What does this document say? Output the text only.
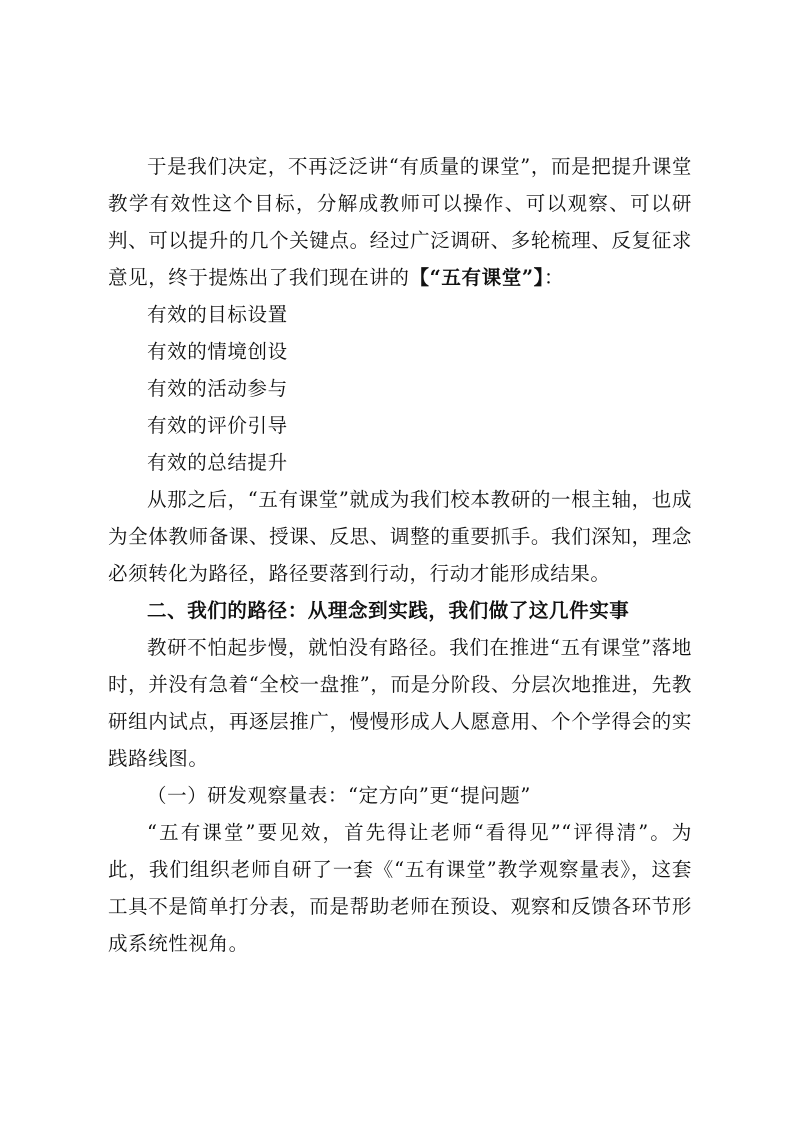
于是我们决定，不再泛泛讲“有质量的课堂”，而是把提升课堂教学有效性这个目标，分解成教师可以操作、可以观察、可以研判、可以提升的几个关键点。经过广泛调研、多轮梳理、反复征求意见，终于提炼出了我们现在讲的【“五有课堂”】：

有效的目标设置

有效的情境创设

有效的活动参与

有效的评价引导

有效的总结提升

从那之后，“五有课堂”就成为我们校本教研的一根主轴，也成为全体教师备课、授课、反思、调整的重要抓手。我们深知，理念必须转化为路径，路径要落到行动，行动才能形成结果。

二、我们的路径：从理念到实践，我们做了这几件实事

教研不怕起步慢，就怕没有路径。我们在推进“五有课堂”落地时，并没有急着“全校一盘推”，而是分阶段、分层次地推进，先教研组内试点，再逐层推广，慢慢形成人人愿意用、个个学得会的实践路线图。

（一）研发观察量表：“定方向”更“提问题”

“五有课堂”要见效，首先得让老师“看得见”“评得清”。为此，我们组织老师自研了一套《“五有课堂”教学观察量表》，这套工具不是简单打分表，而是帮助老师在预设、观察和反馈各环节形成系统性视角。
